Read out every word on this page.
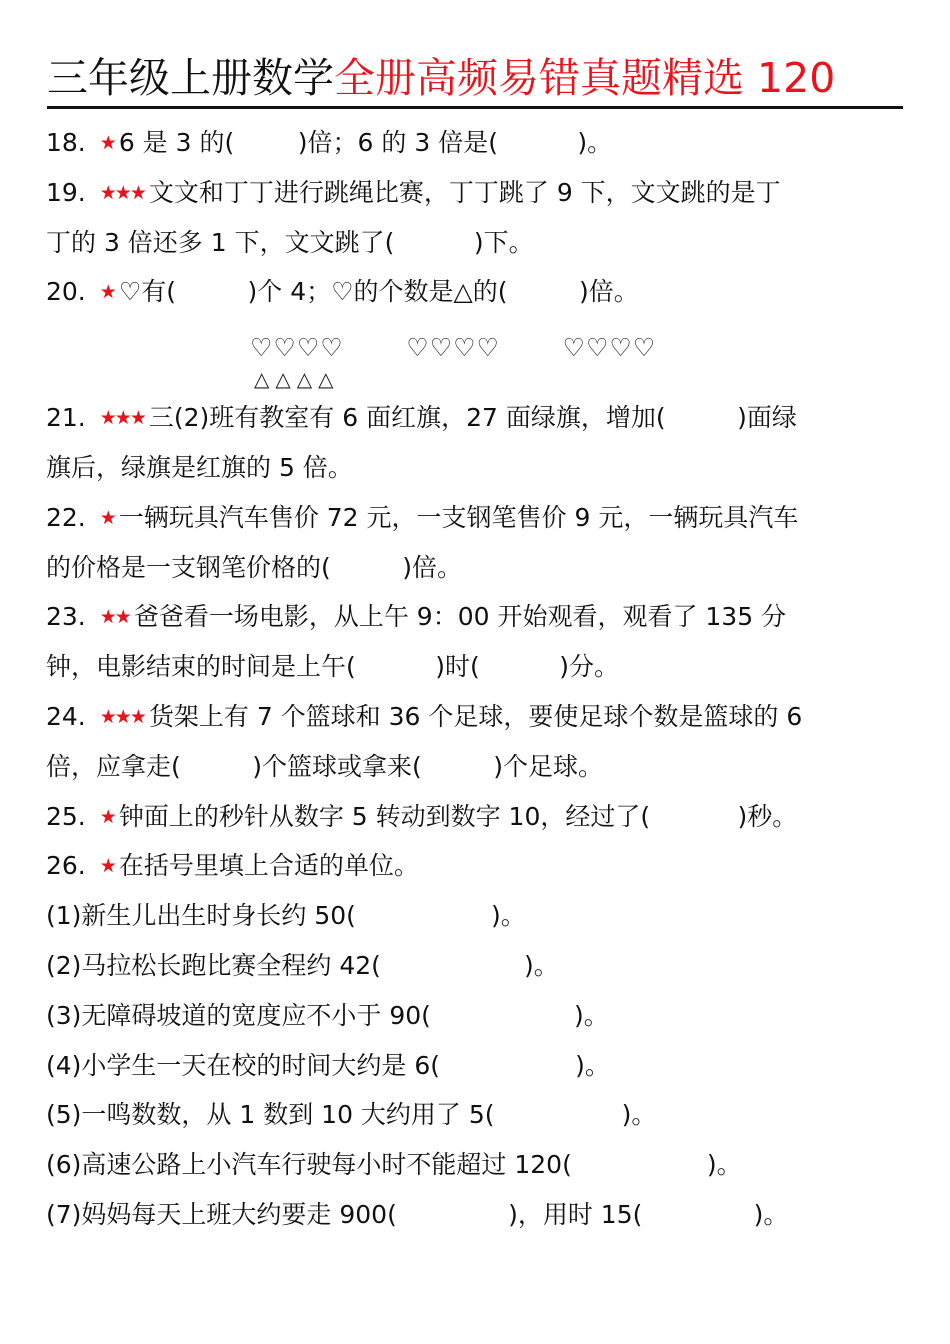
三年级上册数学全册高频易错真题精选 120
18. ★ 6 是 3 的(        )倍；6 的 3 倍是(          )。
19. ★★★ 文文和丁丁进行跳绳比赛，丁丁跳了 9 下，文文跳的是丁
丁的 3 倍还多 1 下，文文跳了(          )下。
20. ★ ♡有(         )个 4；♡的个数是△的(         )倍。
♡♡♡♡       ♡♡♡♡       ♡♡♡♡
△△△△
21. ★★★ 三(2)班有教室有 6 面红旗，27 面绿旗，增加(         )面绿
旗后，绿旗是红旗的 5 倍。
22. ★ 一辆玩具汽车售价 72 元，一支钢笔售价 9 元，一辆玩具汽车
的价格是一支钢笔价格的(         )倍。
23. ★★ 爸爸看一场电影，从上午 9：00 开始观看，观看了 135 分
钟，电影结束的时间是上午(          )时(          )分。
24. ★★★ 货架上有 7 个篮球和 36 个足球，要使足球个数是篮球的 6
倍，应拿走(         )个篮球或拿来(         )个足球。
25. ★ 钟面上的秒针从数字 5 转动到数字 10，经过了(           )秒。
26. ★ 在括号里填上合适的单位。
(1)新生儿出生时身长约 50(                 )。
(2)马拉松长跑比赛全程约 42(                  )。
(3)无障碍坡道的宽度应不小于 90(                  )。
(4)小学生一天在校的时间大约是 6(                 )。
(5)一鸣数数，从 1 数到 10 大约用了 5(                )。
(6)高速公路上小汽车行驶每小时不能超过 120(                 )。
(7)妈妈每天上班大约要走 900(              )，用时 15(              )。
